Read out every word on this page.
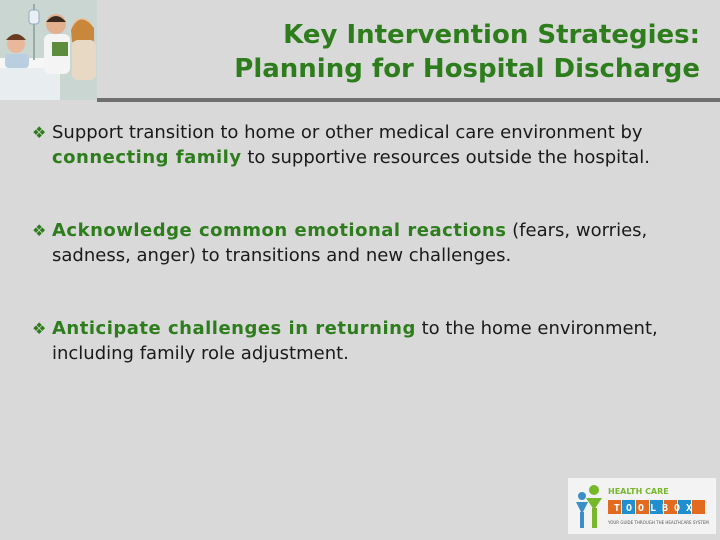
Key Intervention Strategies:
Planning for Hospital Discharge
❖ Support transition to home or other medical care environment by connecting family to supportive resources outside the hospital.
❖ Acknowledge common emotional reactions (fears, worries, sadness, anger) to transitions and new challenges.
❖ Anticipate challenges in returning to the home environment, including family role adjustment.
HEALTH CARE
TOOLBOX
YOUR GUIDE THROUGH THE HEALTHCARE SYSTEM
